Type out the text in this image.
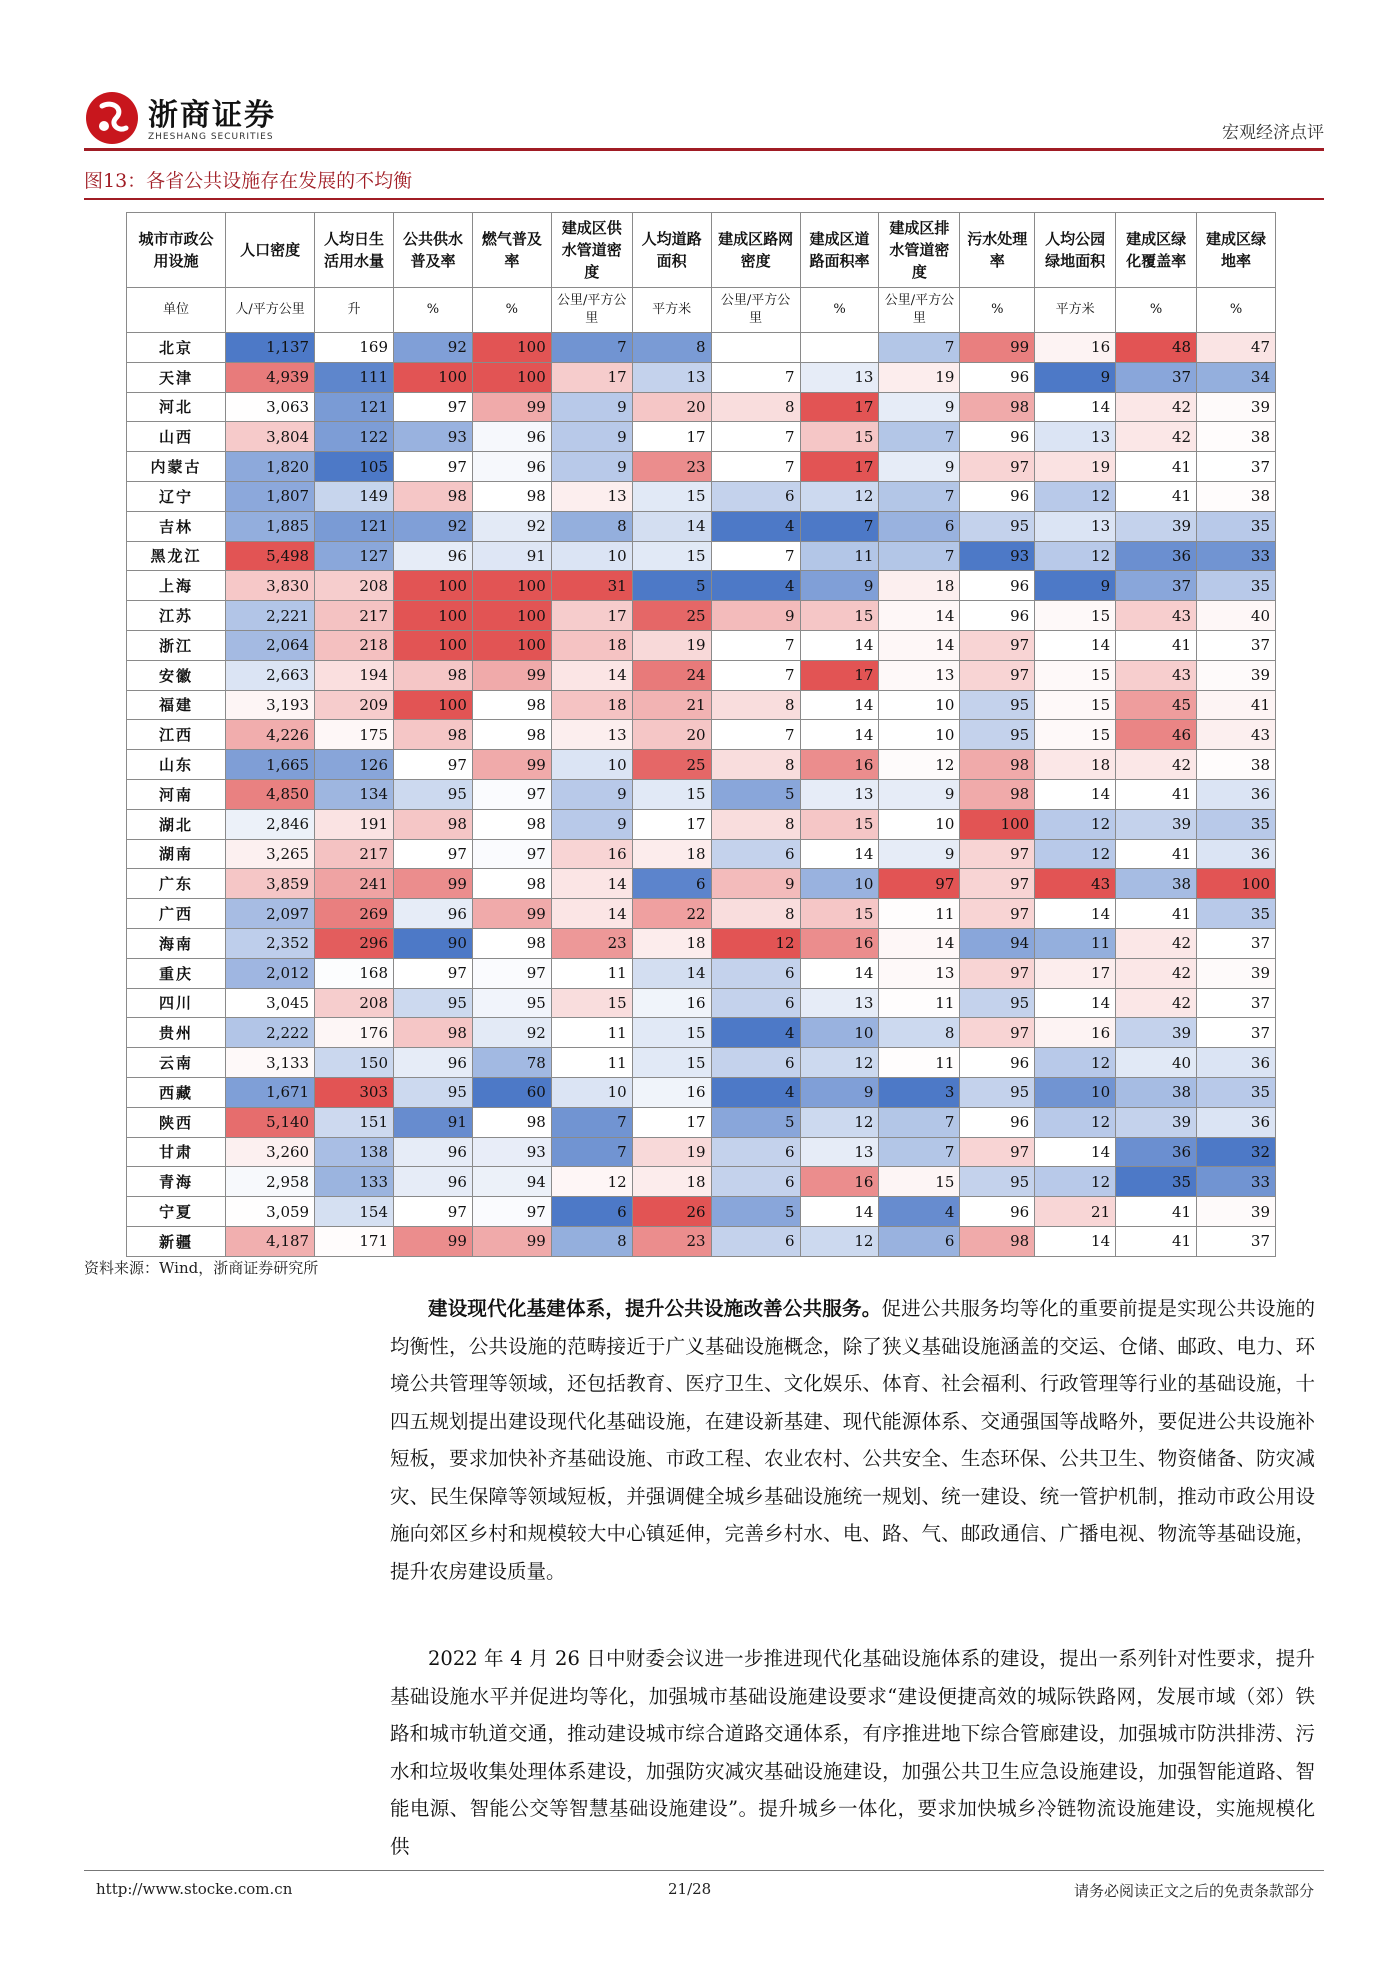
浙商证券
ZHESHANG SECURITIES	宏观经济点评
图13：各省公共设施存在发展的不均衡
城市市政公用设施	人口密度	人均日生活用水量	公共供水普及率	燃气普及率	建成区供水管道密度	人均道路面积	建成区路网密度	建成区道路面积率	建成区排水管道密度	污水处理率	人均公园绿地面积	建成区绿化覆盖率	建成区绿地率
单位	人/平方公里	升	%	%	公里/平方公里	平方米	公里/平方公里	%	公里/平方公里	%	平方米	%	%
北京	1,137	169	92	100	7	8			7	99	16	48	47
天津	4,939	111	100	100	17	13	7	13	19	96	9	37	34
河北	3,063	121	97	99	9	20	8	17	9	98	14	42	39
山西	3,804	122	93	96	9	17	7	15	7	96	13	42	38
内蒙古	1,820	105	97	96	9	23	7	17	9	97	19	41	37
辽宁	1,807	149	98	98	13	15	6	12	7	96	12	41	38
吉林	1,885	121	92	92	8	14	4	7	6	95	13	39	35
黑龙江	5,498	127	96	91	10	15	7	11	7	93	12	36	33
上海	3,830	208	100	100	31	5	4	9	18	96	9	37	35
江苏	2,221	217	100	100	17	25	9	15	14	96	15	43	40
浙江	2,064	218	100	100	18	19	7	14	14	97	14	41	37
安徽	2,663	194	98	99	14	24	7	17	13	97	15	43	39
福建	3,193	209	100	98	18	21	8	14	10	95	15	45	41
江西	4,226	175	98	98	13	20	7	14	10	95	15	46	43
山东	1,665	126	97	99	10	25	8	16	12	98	18	42	38
河南	4,850	134	95	97	9	15	5	13	9	98	14	41	36
湖北	2,846	191	98	98	9	17	8	15	10	100	12	39	35
湖南	3,265	217	97	97	16	18	6	14	9	97	12	41	36
广东	3,859	241	99	98	14	6	9	10	97	97	43	38	100
广西	2,097	269	96	99	14	22	8	15	11	97	14	41	35
海南	2,352	296	90	98	23	18	12	16	14	94	11	42	37
重庆	2,012	168	97	97	11	14	6	14	13	97	17	42	39
四川	3,045	208	95	95	15	16	6	13	11	95	14	42	37
贵州	2,222	176	98	92	11	15	4	10	8	97	16	39	37
云南	3,133	150	96	78	11	15	6	12	11	96	12	40	36
西藏	1,671	303	95	60	10	16	4	9	3	95	10	38	35
陕西	5,140	151	91	98	7	17	5	12	7	96	12	39	36
甘肃	3,260	138	96	93	7	19	6	13	7	97	14	36	32
青海	2,958	133	96	94	12	18	6	16	15	95	12	35	33
宁夏	3,059	154	97	97	6	26	5	14	4	96	21	41	39
新疆	4,187	171	99	99	8	23	6	12	6	98	14	41	37
资料来源：Wind，浙商证券研究所
建设现代化基建体系，提升公共设施改善公共服务。促进公共服务均等化的重要前提是实现公共设施的均衡性，公共设施的范畴接近于广义基础设施概念，除了狭义基础设施涵盖的交运、仓储、邮政、电力、环境公共管理等领域，还包括教育、医疗卫生、文化娱乐、体育、社会福利、行政管理等行业的基础设施，十四五规划提出建设现代化基础设施，在建设新基建、现代能源体系、交通强国等战略外，要促进公共设施补短板，要求加快补齐基础设施、市政工程、农业农村、公共安全、生态环保、公共卫生、物资储备、防灾减灾、民生保障等领域短板，并强调健全城乡基础设施统一规划、统一建设、统一管护机制，推动市政公用设施向郊区乡村和规模较大中心镇延伸，完善乡村水、电、路、气、邮政通信、广播电视、物流等基础设施，提升农房建设质量。
2022 年 4 月 26 日中财委会议进一步推进现代化基础设施体系的建设，提出一系列针对性要求，提升基础设施水平并促进均等化，加强城市基础设施建设要求“建设便捷高效的城际铁路网，发展市域（郊）铁路和城市轨道交通，推动建设城市综合道路交通体系，有序推进地下综合管廊建设，加强城市防洪排涝、污水和垃圾收集处理体系建设，加强防灾减灾基础设施建设，加强公共卫生应急设施建设，加强智能道路、智能电源、智能公交等智慧基础设施建设”。提升城乡一体化，要求加快城乡冷链物流设施建设，实施规模化供
http://www.stocke.com.cn	21/28	请务必阅读正文之后的免责条款部分
